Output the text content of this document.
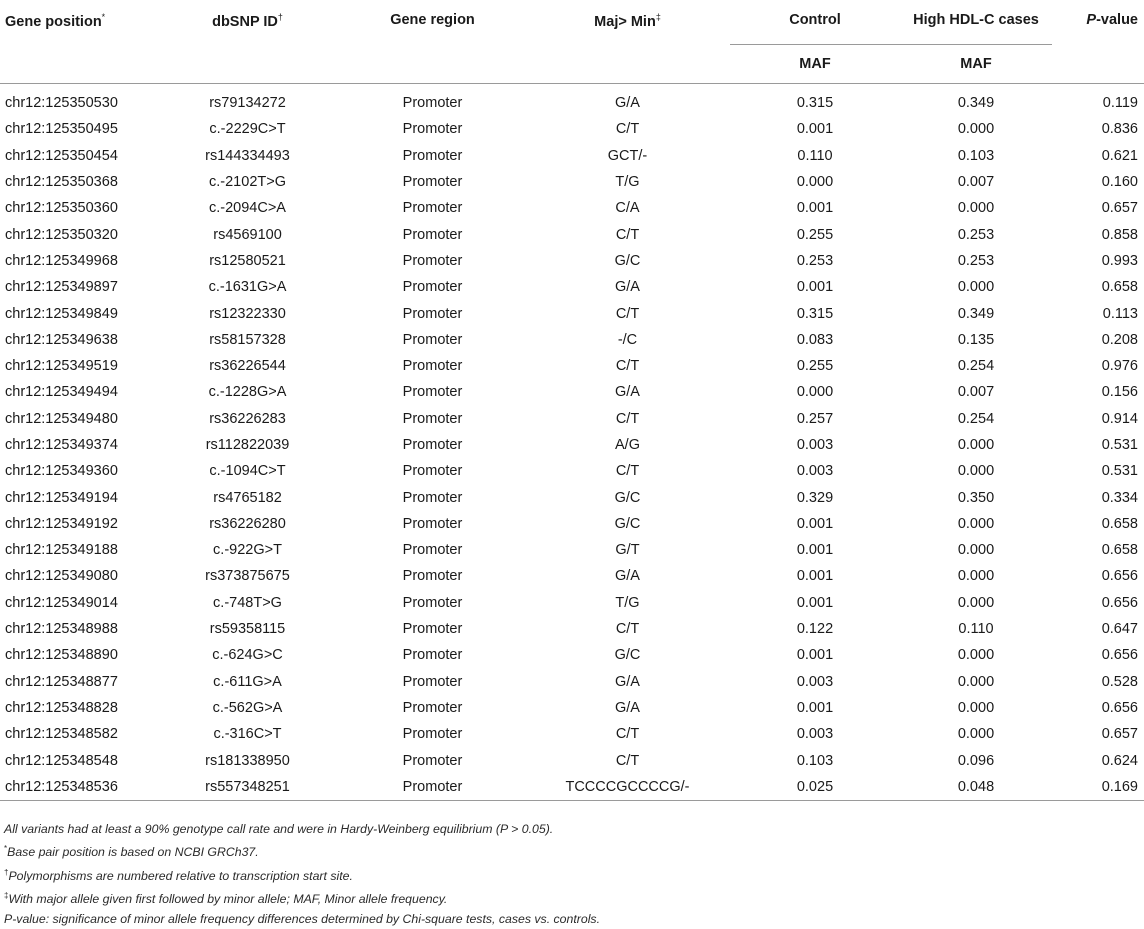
Gene position*	dbSNP ID†	Gene region	Maj> Min‡	Control	High HDL-C cases	P-value
				MAF	MAF	

chr12:125350530	rs79134272	Promoter	G/A	0.315	0.349	0.119
chr12:125350495	c.-2229C>T	Promoter	C/T	0.001	0.000	0.836
chr12:125350454	rs144334493	Promoter	GCT/-	0.110	0.103	0.621
chr12:125350368	c.-2102T>G	Promoter	T/G	0.000	0.007	0.160
chr12:125350360	c.-2094C>A	Promoter	C/A	0.001	0.000	0.657
chr12:125350320	rs4569100	Promoter	C/T	0.255	0.253	0.858
chr12:125349968	rs12580521	Promoter	G/C	0.253	0.253	0.993
chr12:125349897	c.-1631G>A	Promoter	G/A	0.001	0.000	0.658
chr12:125349849	rs12322330	Promoter	C/T	0.315	0.349	0.113
chr12:125349638	rs58157328	Promoter	-/C	0.083	0.135	0.208
chr12:125349519	rs36226544	Promoter	C/T	0.255	0.254	0.976
chr12:125349494	c.-1228G>A	Promoter	G/A	0.000	0.007	0.156
chr12:125349480	rs36226283	Promoter	C/T	0.257	0.254	0.914
chr12:125349374	rs112822039	Promoter	A/G	0.003	0.000	0.531
chr12:125349360	c.-1094C>T	Promoter	C/T	0.003	0.000	0.531
chr12:125349194	rs4765182	Promoter	G/C	0.329	0.350	0.334
chr12:125349192	rs36226280	Promoter	G/C	0.001	0.000	0.658
chr12:125349188	c.-922G>T	Promoter	G/T	0.001	0.000	0.658
chr12:125349080	rs373875675	Promoter	G/A	0.001	0.000	0.656
chr12:125349014	c.-748T>G	Promoter	T/G	0.001	0.000	0.656
chr12:125348988	rs59358115	Promoter	C/T	0.122	0.110	0.647
chr12:125348890	c.-624G>C	Promoter	G/C	0.001	0.000	0.656
chr12:125348877	c.-611G>A	Promoter	G/A	0.003	0.000	0.528
chr12:125348828	c.-562G>A	Promoter	G/A	0.001	0.000	0.656
chr12:125348582	c.-316C>T	Promoter	C/T	0.003	0.000	0.657
chr12:125348548	rs181338950	Promoter	C/T	0.103	0.096	0.624
chr12:125348536	rs557348251	Promoter	TCCCCGCCCCG/-	0.025	0.048	0.169
All variants had at least a 90% genotype call rate and were in Hardy-Weinberg equilibrium (P > 0.05).
*Base pair position is based on NCBI GRCh37.
†Polymorphisms are numbered relative to transcription start site.
‡With major allele given first followed by minor allele; MAF, Minor allele frequency.
P-value: significance of minor allele frequency differences determined by Chi-square tests, cases vs. controls.
